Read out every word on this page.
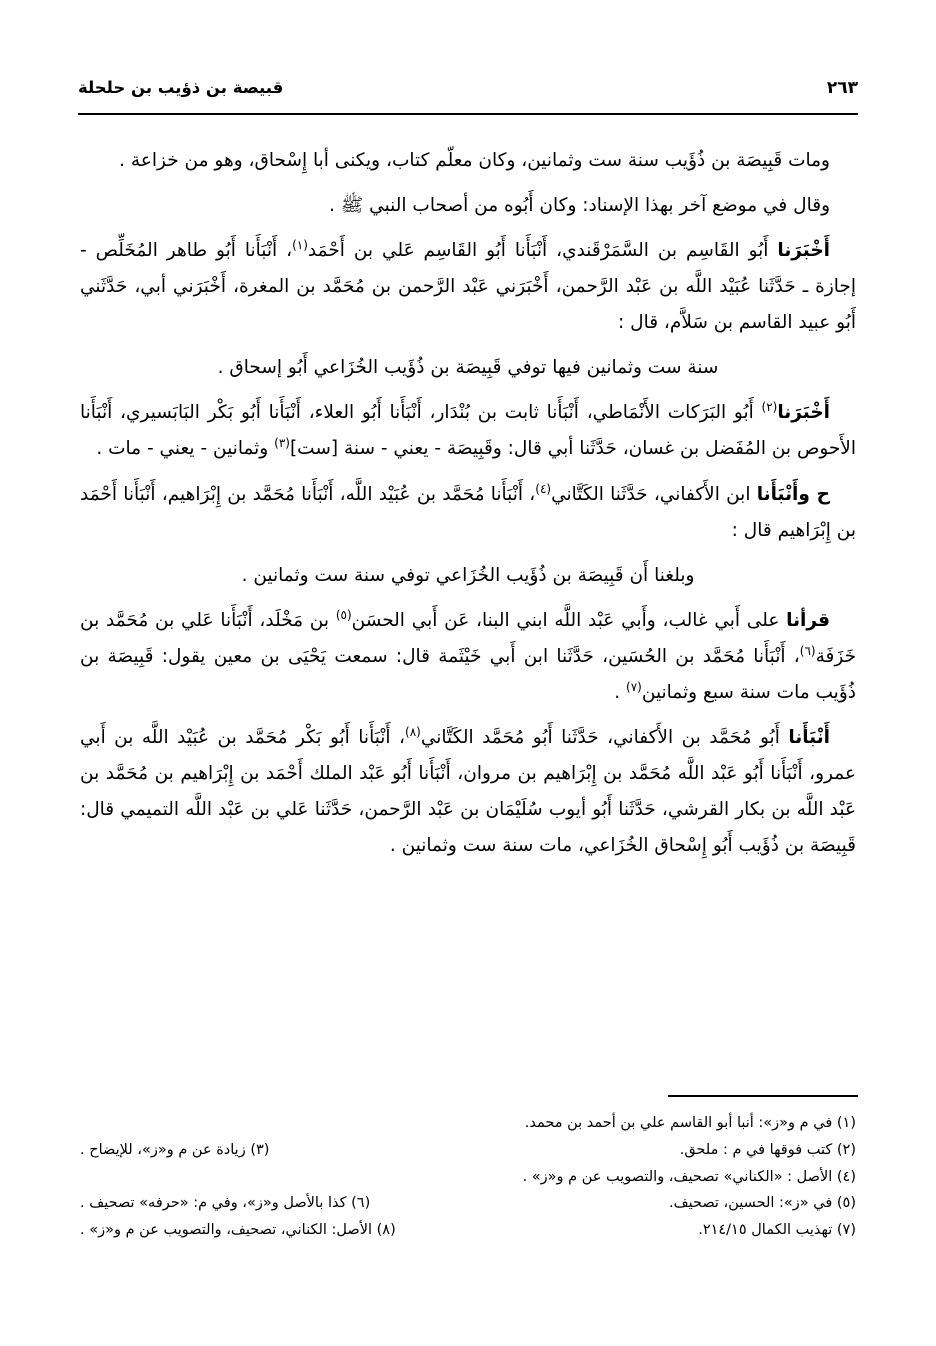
قبيصة بن ذؤيب بن حلحلة	٢٦٣

ومات قَبِيصَة بن ذُؤَيب سنة ست وثمانين، وكان معلّم كتاب، ويكنى أبا إِسْحاق، وهو من خزاعة .

وقال في موضع آخر بهذا الإسناد: وكان أَبُوه من أصحاب النبي ﷺ .

أَخْبَرَنا أَبُو القَاسِم بن السَّمَرْقَندي، أَنْبَأَنا أَبُو القَاسِم عَلي بن أَحْمَد$^{(١)}$، أَنْبَأَنا أَبُو طاهر المُخَلِّص - إجازة ـ حَدَّثَنا عُبَيْد اللَّه بن عَبْد الرَّحمن، أَخْبَرَني عَبْد الرَّحمن بن مُحَمَّد بن المغرة، أَخْبَرَني أبي، حَدَّثَني أَبُو عبيد القاسم بن سَلاَّم، قال :

سنة ست وثمانين فيها توفي قَبِيصَة بن ذُؤَيب الخُزَاعي أَبُو إسحاق .

أَخْبَرَنا$^{(٢)}$ أَبُو البَرَكات الأَنْمَاطي، أَنْبَأَنا ثابت بن بُنْدَار، أَنْبَأَنا أَبُو العلاء، أَنْبَأَنا أَبُو بَكْر البَابَسيري، أَنْبَأَنا الأَحوص بن المُفَضل بن غسان، حَدَّثَنا أبي قال: وقَبِيصَة - يعني - سنة [ست]$^{(٣)}$ وثمانين - يعني - مات .

ح وأَنْبَأَنا ابن الأَكفاني، حَدَّثَنا الكَتَّاني$^{(٤)}$، أَنْبَأَنا مُحَمَّد بن عُبَيْد اللَّه، أَنْبَأَنا مُحَمَّد بن إِبْرَاهيم، أَنْبَأَنا أَحْمَد بن إِبْرَاهيم قال :

وبلغنا أَن قَبِيصَة بن ذُؤَيب الخُزَاعي توفي سنة ست وثمانين .

قرأنا على أَبي غالب، وأَبي عَبْد اللَّه ابني البنا، عَن أَبي الحسَن$^{(٥)}$ بن مَخْلَد، أَنْبَأَنا عَلي بن مُحَمَّد بن خَزَفَة$^{(٦)}$، أَنْبَأَنا مُحَمَّد بن الحُسَين، حَدَّثَنا ابن أَبي خَيْثَمة قال: سمعت يَحْيَى بن معين يقول: قَبِيصَة بن ذُؤَيب مات سنة سبع وثمانين$^{(٧)}$ .

أَنْبَأَنا أَبُو مُحَمَّد بن الأَكفاني، حَدَّثَنا أَبُو مُحَمَّد الكَتَّاني$^{(٨)}$، أَنْبَأَنا أَبُو بَكْر مُحَمَّد بن عُبَيْد اللَّه بن أَبي عمرو، أَنْبَأَنا أَبُو عَبْد اللَّه مُحَمَّد بن إِبْرَاهيم بن مروان، أَنْبَأَنا أَبُو عَبْد الملك أَحْمَد بن إِبْرَاهيم بن مُحَمَّد بن عَبْد اللَّه بن بكار القرشي، حَدَّثَنا أَبُو أيوب سُلَيْمَان بن عَبْد الرَّحمن، حَدَّثَنا عَلي بن عَبْد اللَّه التميمي قال: قَبِيصَة بن ذُؤَيب أَبُو إِسْحاق الخُزَاعي، مات سنة ست وثمانين .

(١) في م و«ز»: أنبا أبو القاسم علي بن أحمد بن محمد.
(٢) كتب فوقها في م : ملحق.
(٣) زيادة عن م و«ز»، للإيضاح .
(٤) الأصل : «الكناني» تصحيف، والتصويب عن م و«ز» .
(٥) في «ز»: الحسين، تصحيف.
(٦) كذا بالأصل و«ز»، وفي م: «حرفه» تصحيف .
(٧) تهذيب الكمال ٢١٤/١٥.
(٨) الأصل: الكناني، تصحيف، والتصويب عن م و«ز» .
